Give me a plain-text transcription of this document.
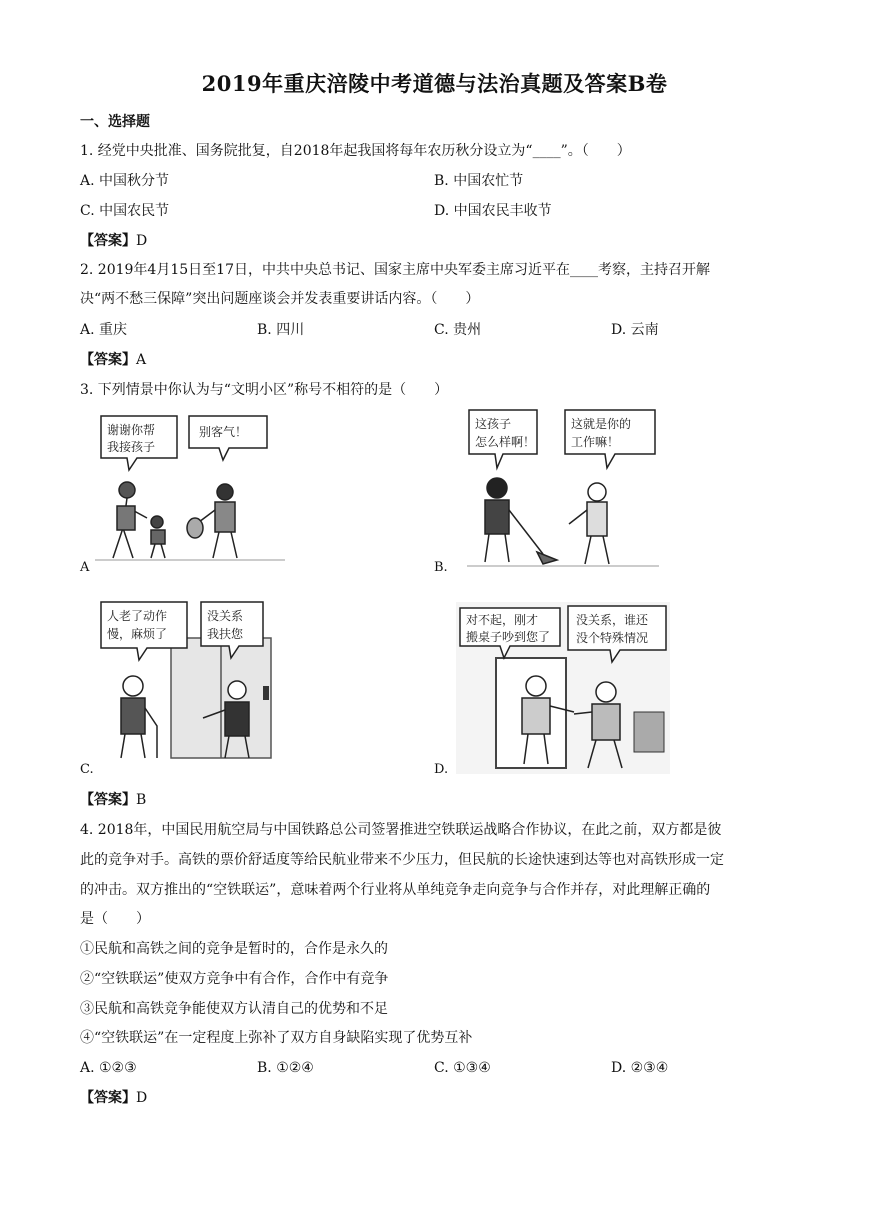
2019年重庆涪陵中考道德与法治真题及答案B卷
一、选择题
1. 经党中央批准、国务院批复，自2018年起我国将每年农历秋分设立为“____”。（　　）
A. 中国秋分节	B. 中国农忙节
C. 中国农民节	D. 中国农民丰收节
【答案】D
2. 2019年4月15日至17日，中共中央总书记、国家主席中央军委主席习近平在____考察，主持召开解
决“两不愁三保障”突出问题座谈会并发表重要讲话内容。（　　）
A. 重庆	B. 四川	C. 贵州	D. 云南
【答案】A
3. 下列情景中你认为与“文明小区”称号不相符的是（　　）
谢谢你帮
我接孩子
别客气！
A
这孩子
怎么样啊！
这就是你的
工作嘛！
B.
人老了动作
慢，麻烦了
没关系
我扶您
C.
对不起，刚才
搬桌子吵到您了
没关系，谁还
没个特殊情况
D.
【答案】B
4. 2018年，中国民用航空局与中国铁路总公司签署推进空铁联运战略合作协议，在此之前，双方都是彼
此的竞争对手。高铁的票价舒适度等给民航业带来不少压力，但民航的长途快速到达等也对高铁形成一定
的冲击。双方推出的“空铁联运”，意味着两个行业将从单纯竞争走向竞争与合作并存，对此理解正确的
是（　　）
①民航和高铁之间的竞争是暂时的，合作是永久的
②“空铁联运”使双方竞争中有合作，合作中有竞争
③民航和高铁竞争能使双方认清自己的优势和不足
④“空铁联运”在一定程度上弥补了双方自身缺陷实现了优势互补
A. ①②③	B. ①②④	C. ①③④	D. ②③④
【答案】D
